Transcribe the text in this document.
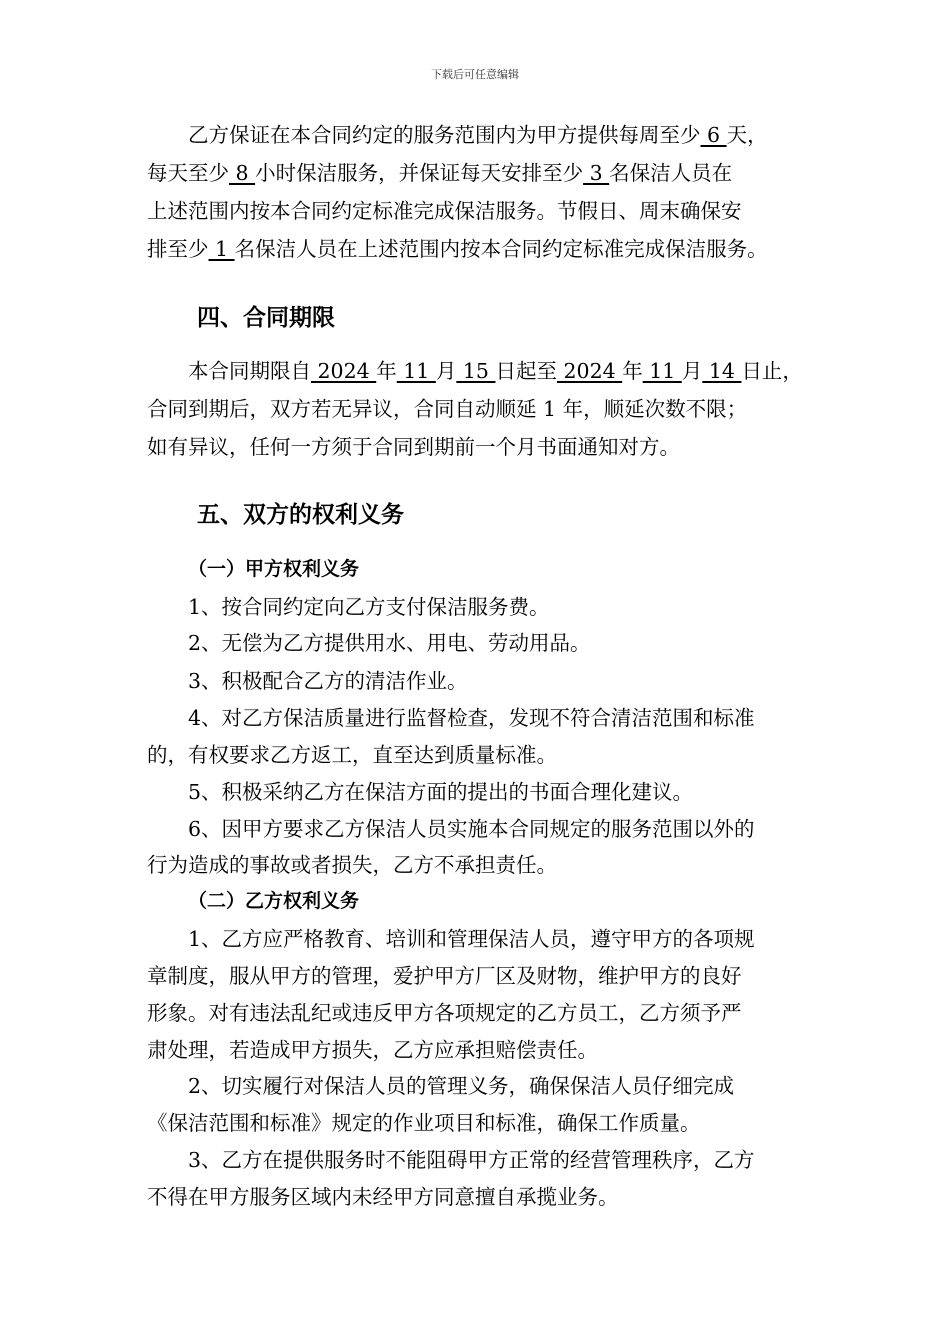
下载后可任意编辑
乙方保证在本合同约定的服务范围内为甲方提供每周至少 6 天，
每天至少 8 小时保洁服务，并保证每天安排至少 3 名保洁人员在
上述范围内按本合同约定标准完成保洁服务。节假日、周末确保安
排至少 1 名保洁人员在上述范围内按本合同约定标准完成保洁服务。
四、合同期限
本合同期限自 2024 年 11 月 15 日起至 2024 年 11 月 14 日止，
合同到期后，双方若无异议，合同自动顺延 1 年，顺延次数不限；
如有异议，任何一方须于合同到期前一个月书面通知对方。
五、双方的权利义务
（一）甲方权利义务
1、按合同约定向乙方支付保洁服务费。
2、无偿为乙方提供用水、用电、劳动用品。
3、积极配合乙方的清洁作业。
4、对乙方保洁质量进行监督检查，发现不符合清洁范围和标准
的，有权要求乙方返工，直至达到质量标准。
5、积极采纳乙方在保洁方面的提出的书面合理化建议。
6、因甲方要求乙方保洁人员实施本合同规定的服务范围以外的
行为造成的事故或者损失，乙方不承担责任。
（二）乙方权利义务
1、乙方应严格教育、培训和管理保洁人员，遵守甲方的各项规
章制度，服从甲方的管理，爱护甲方厂区及财物，维护甲方的良好
形象。对有违法乱纪或违反甲方各项规定的乙方员工，乙方须予严
肃处理，若造成甲方损失，乙方应承担赔偿责任。
2、切实履行对保洁人员的管理义务，确保保洁人员仔细完成
《保洁范围和标准》规定的作业项目和标准，确保工作质量。
3、乙方在提供服务时不能阻碍甲方正常的经营管理秩序，乙方
不得在甲方服务区域内未经甲方同意擅自承揽业务。
